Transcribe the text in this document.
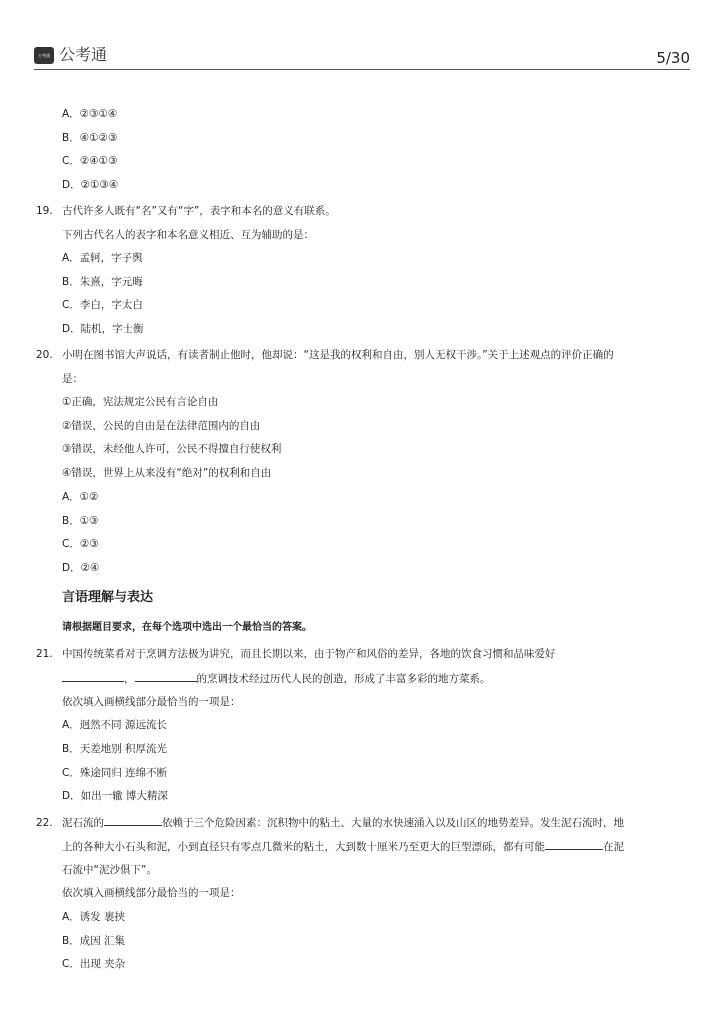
公考通 公考通	5/30
A．②③①④
B．④①②③
C．②④①③
D．②①③④
19. 古代许多人既有“名”又有“字”，表字和本名的意义有联系。
下列古代名人的表字和本名意义相近、互为辅助的是：
A．孟轲，字子舆
B．朱熹，字元晦
C．李白，字太白
D．陆机，字士衡
20. 小明在图书馆大声说话，有读者制止他时，他却说：“这是我的权利和自由，别人无权干涉。”关于上述观点的评价正确的
是：
①正确，宪法规定公民有言论自由
②错误，公民的自由是在法律范围内的自由
③错误，未经他人许可，公民不得擅自行使权利
④错误，世界上从来没有“绝对”的权利和自由
A．①②
B．①③
C．②③
D．②④
言语理解与表达
请根据题目要求，在每个选项中选出一个最恰当的答案。
21. 中国传统菜肴对于烹调方法极为讲究，而且长期以来，由于物产和风俗的差异，各地的饮食习惯和品味爱好
，	的烹调技术经过历代人民的创造，形成了丰富多彩的地方菜系。
依次填入画横线部分最恰当的一项是：
A．迥然不同 源远流长
B．天差地别 积厚流光
C．殊途同归 连绵不断
D．如出一辙 博大精深
22. 泥石流的	依赖于三个危险因素：沉积物中的粘土、大量的水快速涌入以及山区的地势差异。发生泥石流时，地
上的各种大小石头和泥，小到直径只有零点几微米的粘土，大到数十厘米乃至更大的巨型漂砾，都有可能	在泥
石流中“泥沙俱下”。
依次填入画横线部分最恰当的一项是：
A．诱发 裹挟
B．成因 汇集
C．出现 夹杂
